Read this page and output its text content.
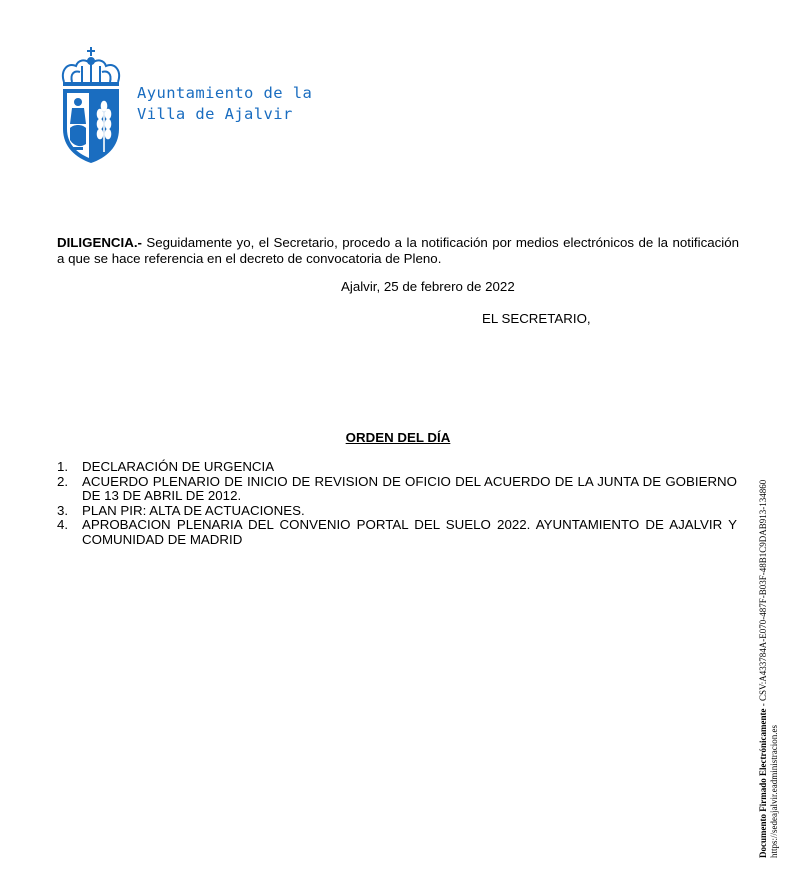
Ayuntamiento de la
Villa de Ajalvir
DILIGENCIA.- Seguidamente yo, el Secretario, procedo a la notificación por medios electrónicos de la notificación a que se hace referencia en el decreto de convocatoria de Pleno.
Ajalvir, 25 de febrero de 2022
EL SECRETARIO,
ORDEN DEL DÍA
1.	DECLARACIÓN DE URGENCIA
2.	ACUERDO PLENARIO DE INICIO DE REVISION DE OFICIO DEL ACUERDO DE LA JUNTA DE GOBIERNO DE 13 DE ABRIL DE 2012.
3.	PLAN PIR: ALTA DE ACTUACIONES.
4.	APROBACION PLENARIA DEL CONVENIO PORTAL DEL SUELO 2022. AYUNTAMIENTO DE AJALVIR Y COMUNIDAD DE MADRID
Documento Firmado Electrónicamente - CSV:A433784A-E070-487F-B03F-48B1C9DAB913-134860
https://sedeajalvir.eadministracion.es
